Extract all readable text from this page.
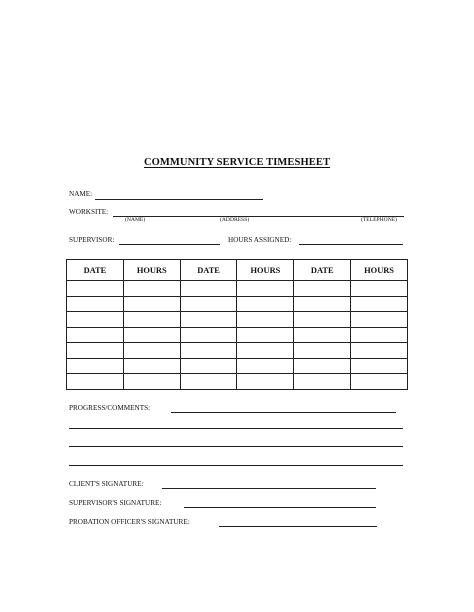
COMMUNITY SERVICE TIMESHEET
NAME:
WORKSITE:
(NAME)	(ADDRESS)	(TELEPHONE)
SUPERVISOR:	HOURS ASSIGNED:
DATE	HOURS	DATE	HOURS	DATE	HOURS

PROGRESS/COMMENTS:
CLIENT'S SIGNATURE:
SUPERVISOR'S SIGNATURE:
PROBATION OFFICER'S SIGNATURE:
